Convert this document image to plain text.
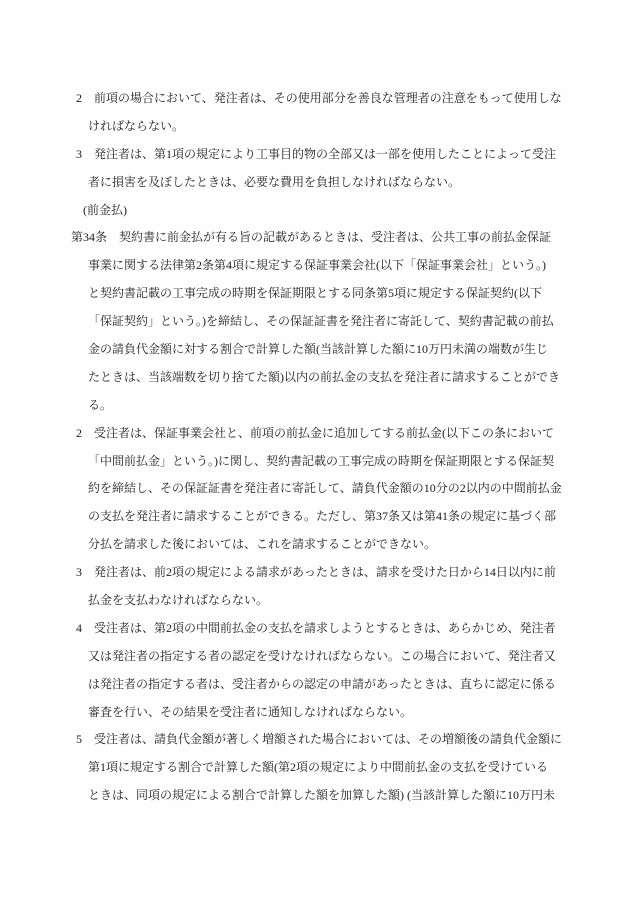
2　前項の場合において、発注者は、その使用部分を善良な管理者の注意をもって使用しな
ければならない。
3　発注者は、第1項の規定により工事目的物の全部又は一部を使用したことによって受注
者に損害を及ぼしたときは、必要な費用を負担しなければならない。
(前金払)
第34条　契約書に前金払が有る旨の記載があるときは、受注者は、公共工事の前払金保証
事業に関する法律第2条第4項に規定する保証事業会社(以下「保証事業会社」という。)
と契約書記載の工事完成の時期を保証期限とする同条第5項に規定する保証契約(以下
「保証契約」という。)を締結し、その保証証書を発注者に寄託して、契約書記載の前払
金の請負代金額に対する割合で計算した額(当該計算した額に10万円未満の端数が生じ
たときは、当該端数を切り捨てた額)以内の前払金の支払を発注者に請求することができ
る。
2　受注者は、保証事業会社と、前項の前払金に追加してする前払金(以下この条において
「中間前払金」という。)に関し、契約書記載の工事完成の時期を保証期限とする保証契
約を締結し、その保証証書を発注者に寄託して、請負代金額の10分の2以内の中間前払金
の支払を発注者に請求することができる。ただし、第37条又は第41条の規定に基づく部
分払を請求した後においては、これを請求することができない。
3　発注者は、前2項の規定による請求があったときは、請求を受けた日から14日以内に前
払金を支払わなければならない。
4　受注者は、第2項の中間前払金の支払を請求しようとするときは、あらかじめ、発注者
又は発注者の指定する者の認定を受けなければならない。この場合において、発注者又
は発注者の指定する者は、受注者からの認定の申請があったときは、直ちに認定に係る
審査を行い、その結果を受注者に通知しなければならない。
5　受注者は、請負代金額が著しく増額された場合においては、その増額後の請負代金額に
第1項に規定する割合で計算した額(第2項の規定により中間前払金の支払を受けている
ときは、同項の規定による割合で計算した額を加算した額) (当該計算した額に10万円未
